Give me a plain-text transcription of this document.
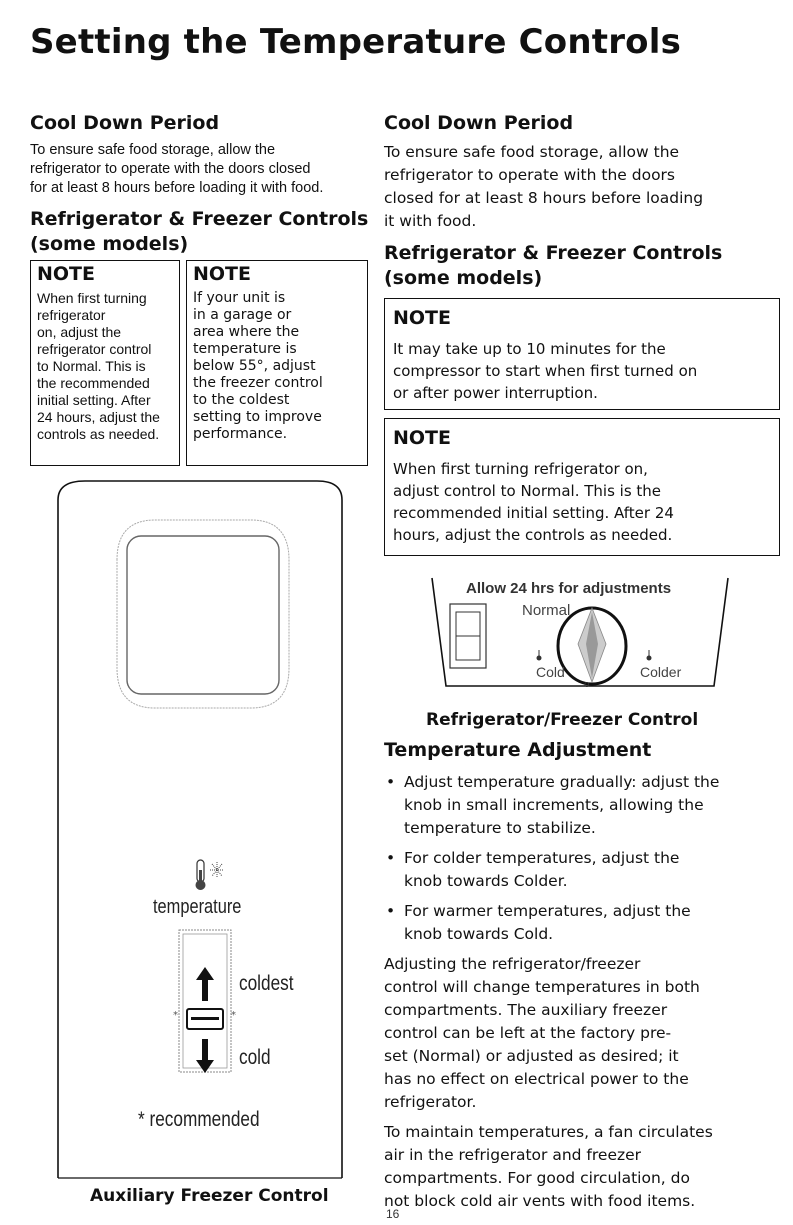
Setting the Temperature Controls
Cool Down Period
To ensure safe food storage, allow the
refrigerator to operate with the doors closed
for at least 8 hours before loading it with food.
Refrigerator & Freezer Controls
(some models)
NOTE
When first turning
refrigerator
on, adjust the
refrigerator control
to Normal. This is
the recommended
initial setting. After
24 hours, adjust the
controls as needed.
NOTE
If your unit is
in a garage or
area where the
temperature is
below 55°, adjust
the freezer control
to the coldest
setting to improve
performance.
temperature
*	*
coldest
cold
* recommended
Auxiliary Freezer Control
Cool Down Period
To ensure safe food storage, allow the
refrigerator to operate with the doors
closed for at least 8 hours before loading
it with food.
Refrigerator & Freezer Controls
(some models)
NOTE
It may take up to 10 minutes for the
compressor to start when first turned on
or after power interruption.
NOTE
When first turning refrigerator on,
adjust control to Normal. This is the
recommended initial setting. After 24
hours, adjust the controls as needed.
o
Allow 24 hrs for adjustments
Normal
Cold	Colder
Refrigerator/Freezer Control
Temperature Adjustment
• Adjust temperature gradually: adjust the
knob in small increments, allowing the
temperature to stabilize.
• For colder temperatures, adjust the
knob towards Colder.
• For warmer temperatures, adjust the
knob towards Cold.
Adjusting the refrigerator/freezer
control will change temperatures in both
compartments. The auxiliary freezer
control can be left at the factory pre-
set (Normal) or adjusted as desired; it
has no effect on electrical power to the
refrigerator.
To maintain temperatures, a fan circulates
air in the refrigerator and freezer
compartments. For good circulation, do
not block cold air vents with food items.
16
